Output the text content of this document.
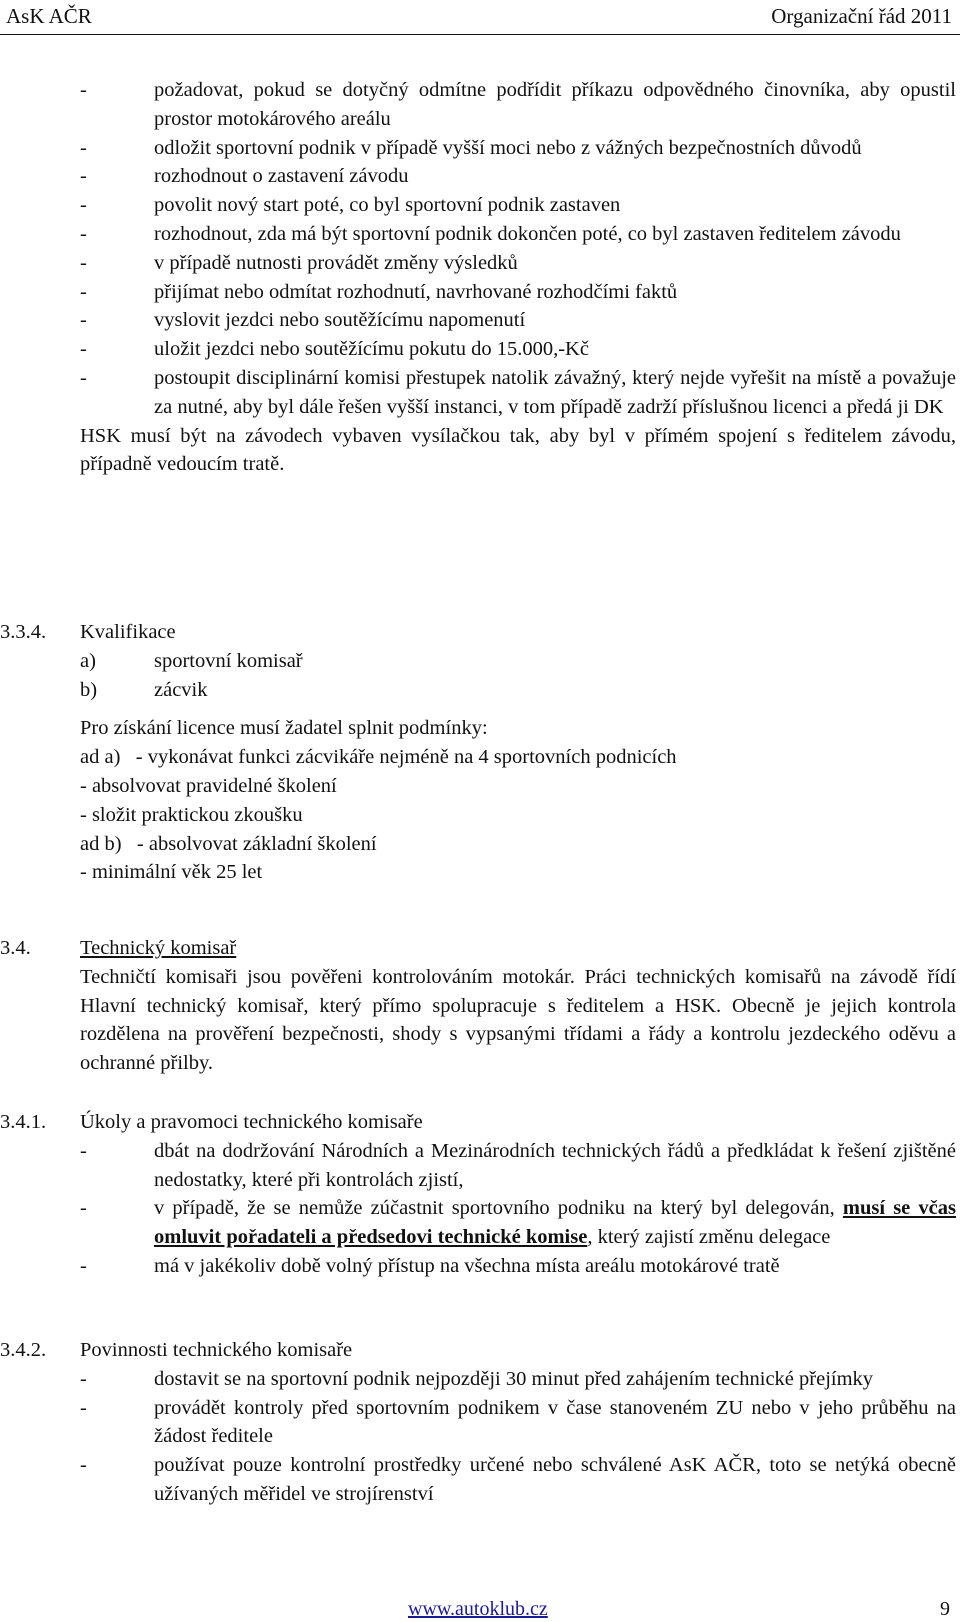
AsK AČR	Organizační řád 2011
-	požadovat, pokud se dotyčný odmítne podřídit příkazu odpovědného činovníka, aby opustil prostor motokárového areálu
-	odložit sportovní podnik v případě vyšší moci nebo z vážných bezpečnostních důvodů
-	rozhodnout o zastavení závodu
-	povolit nový start poté, co byl sportovní podnik zastaven
-	rozhodnout, zda má být sportovní podnik dokončen poté, co byl zastaven ředitelem závodu
-	v případě nutnosti provádět změny výsledků
-	přijímat nebo odmítat rozhodnutí, navrhované rozhodčími faktů
-	vyslovit jezdci nebo soutěžícímu napomenutí
-	uložit jezdci nebo soutěžícímu pokutu do 15.000,-Kč
-	postoupit disciplinární komisi přestupek natolik závažný, který nejde vyřešit na místě a považuje za nutné, aby byl dále řešen vyšší instanci, v tom případě zadrží příslušnou licenci a předá ji DK
HSK musí být na závodech vybaven vysílačkou tak, aby byl v přímém spojení s ředitelem závodu, případně vedoucím tratě.
3.3.4. Kvalifikace
a)	sportovní komisař
b)	zácvik
Pro získání licence musí žadatel splnit podmínky:
ad a)   - vykonávat funkci zácvikáře nejméně na 4 sportovních podnicích
- absolvovat pravidelné školení
- složit praktickou zkoušku
ad b)   - absolvovat základní školení
- minimální věk 25 let
3.4. Technický komisař
Techničtí komisaři jsou pověřeni kontrolováním motokár. Práci technických komisařů na závodě řídí Hlavní technický komisař, který přímo spolupracuje s ředitelem a HSK. Obecně je jejich kontrola rozdělena na prověření bezpečnosti, shody s vypsanými třídami a řády a kontrolu jezdeckého oděvu a ochranné přilby.
3.4.1. Úkoly a pravomoci technického komisaře
-	dbát na dodržování Národních a Mezinárodních technických řádů a předkládat k řešení zjištěné nedostatky, které při kontrolách zjistí,
-	v případě, že se nemůže zúčastnit sportovního podniku na který byl delegován, musí se včas omluvit pořadateli a předsedovi technické komise, který zajistí změnu delegace
-	má v jakékoliv době volný přístup na všechna místa areálu motokárové tratě
3.4.2. Povinnosti technického komisaře
-	dostavit se na sportovní podnik nejpozději 30 minut před zahájením technické přejímky
-	provádět kontroly před sportovním podnikem v čase stanoveném ZU nebo v jeho průběhu na žádost ředitele
-	používat pouze kontrolní prostředky určené nebo schválené AsK AČR, toto se netýká obecně užívaných měřidel ve strojírenství
www.autoklub.cz	9
